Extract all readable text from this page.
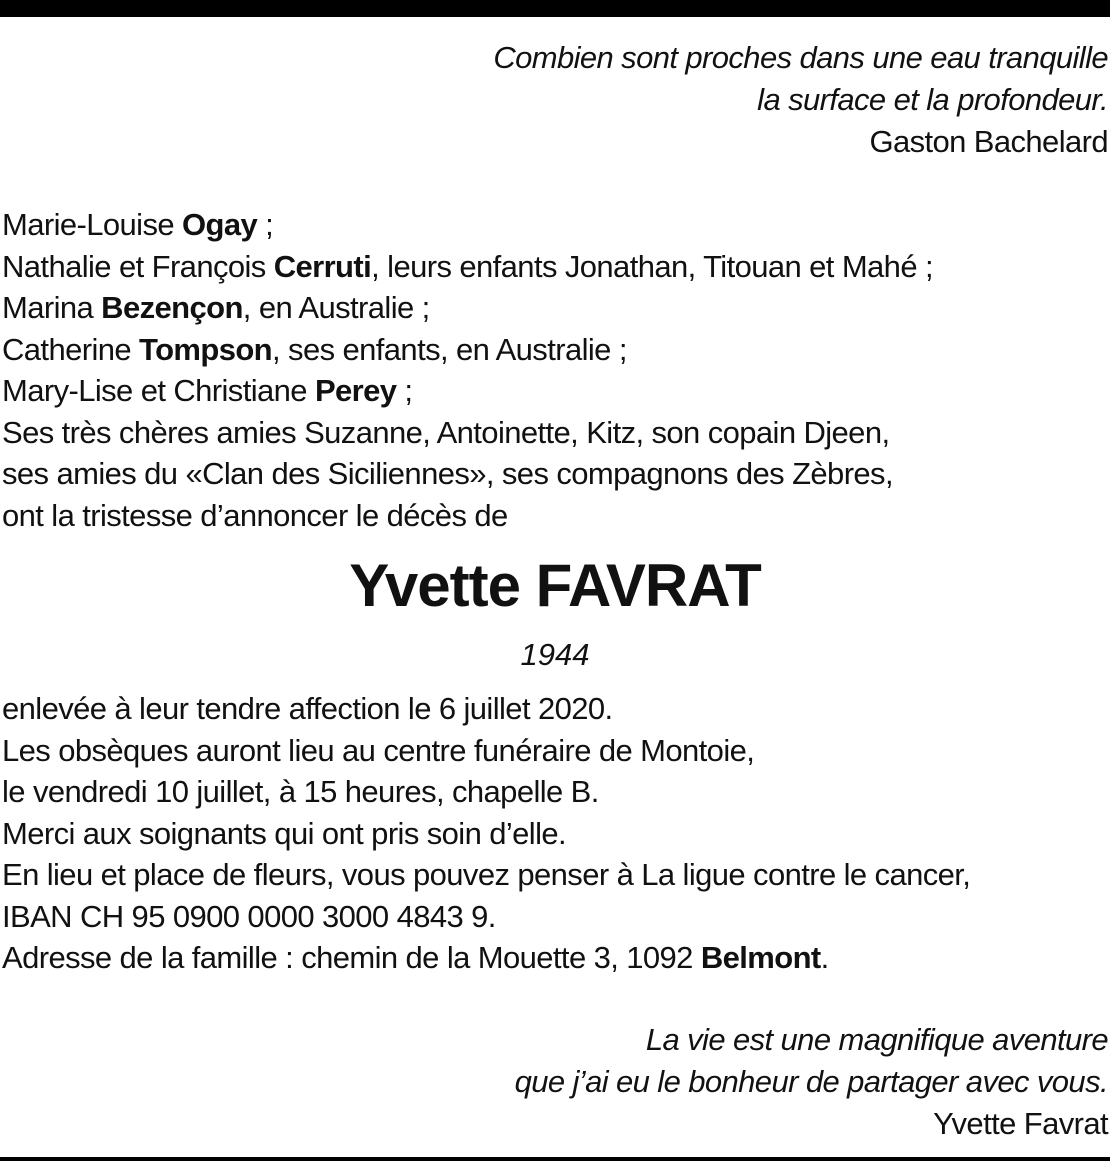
Combien sont proches dans une eau tranquille
la surface et la profondeur.
Gaston Bachelard
Marie-Louise Ogay ;
Nathalie et François Cerruti, leurs enfants Jonathan, Titouan et Mahé ;
Marina Bezençon, en Australie ;
Catherine Tompson, ses enfants, en Australie ;
Mary-Lise et Christiane Perey ;
Ses très chères amies Suzanne, Antoinette, Kitz, son copain Djeen,
ses amies du «Clan des Siciliennes», ses compagnons des Zèbres,
ont la tristesse d’annoncer le décès de
Yvette FAVRAT
1944
enlevée à leur tendre affection le 6 juillet 2020.
Les obsèques auront lieu au centre funéraire de Montoie,
le vendredi 10 juillet, à 15 heures, chapelle B.
Merci aux soignants qui ont pris soin d’elle.
En lieu et place de fleurs, vous pouvez penser à La ligue contre le cancer,
IBAN CH 95 0900 0000 3000 4843 9.
Adresse de la famille : chemin de la Mouette 3, 1092 Belmont.
La vie est une magnifique aventure
que j’ai eu le bonheur de partager avec vous.
Yvette Favrat
